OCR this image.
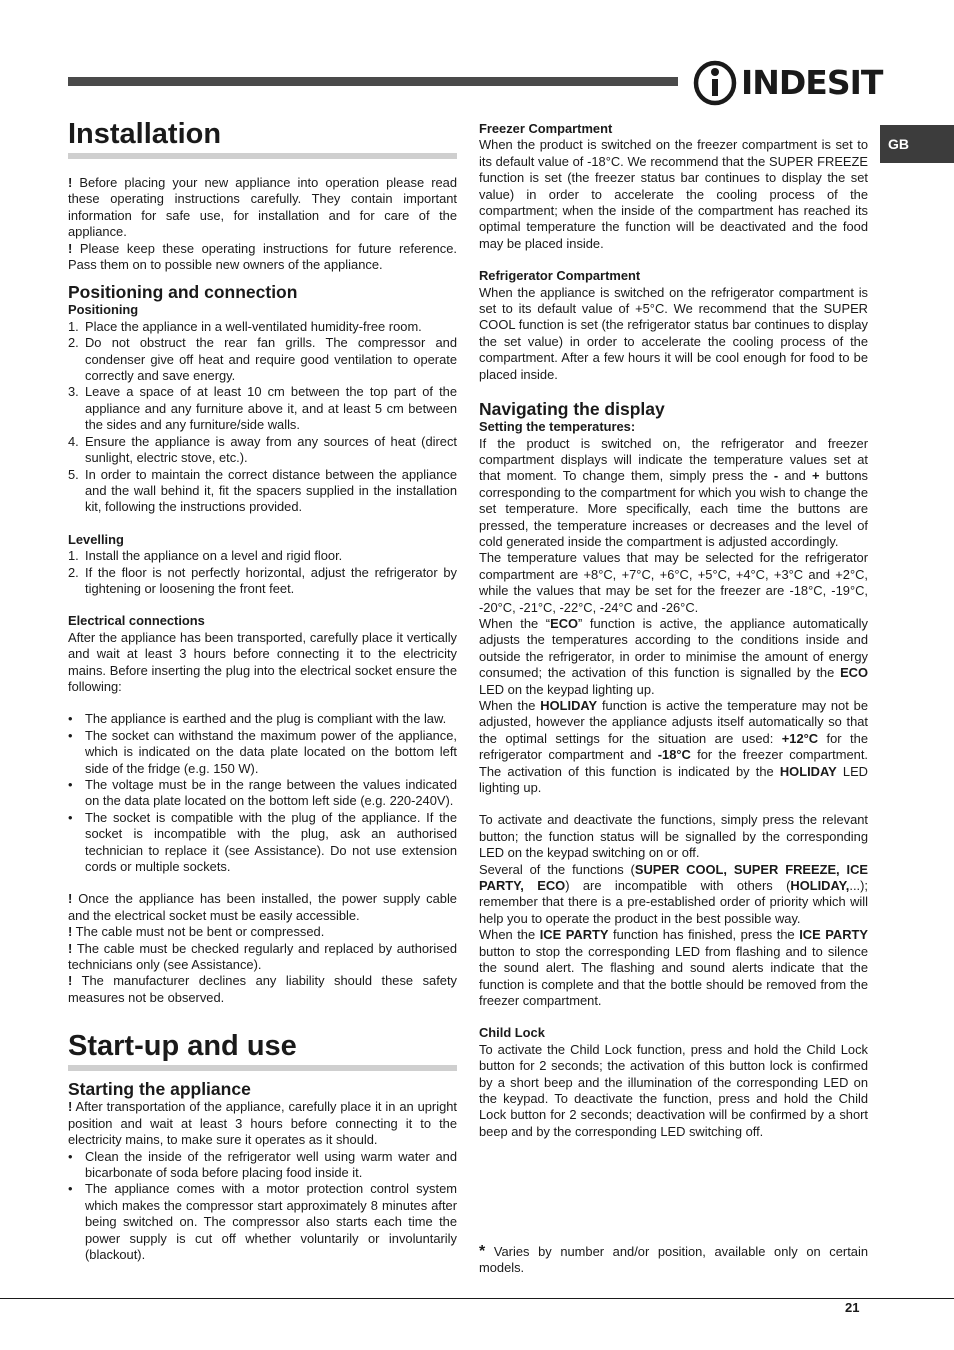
INDESIT
GB
Installation

! Before placing your new appliance into operation please read these operating instructions carefully. They contain important information for safe use, for installation and for care of the appliance.

! Please keep these operating instructions for future reference. Pass them on to possible new owners of the appliance.

Positioning and connection
Positioning
1. Place the appliance in a well-ventilated humidity-free room.
2. Do not obstruct the rear fan grills. The compressor and condenser give off heat and require good ventilation to operate correctly and save energy.
3. Leave a space of at least 10 cm between the top part of the appliance and any furniture above it, and at least 5 cm between the sides and any furniture/side walls.
4. Ensure the appliance is away from any sources of heat (direct sunlight, electric stove, etc.).
5. In order to maintain the correct distance between the appliance and the wall behind it, fit the spacers supplied in the installation kit, following the instructions provided.
Levelling
1. Install the appliance on a level and rigid floor.
2. If the floor is not perfectly horizontal, adjust the refrigerator by tightening or loosening the front feet.
Electrical connections

After the appliance has been transported, carefully place it vertically and wait at least 3 hours before connecting it to the electricity mains. Before inserting the plug into the electrical socket ensure the following:

• The appliance is earthed and the plug is compliant with the law.
• The socket can withstand the maximum power of the appliance, which is indicated on the data plate located on the bottom left side of the fridge (e.g. 150 W).
• The voltage must be in the range between the values indicated on the data plate located on the bottom left side (e.g. 220-240V).
• The socket is compatible with the plug of the appliance. If the socket is incompatible with the plug, ask an authorised technician to replace it (see Assistance). Do not use extension cords or multiple sockets.

! Once the appliance has been installed, the power supply cable and the electrical socket must be easily accessible.

! The cable must not be bent or compressed.

! The cable must be checked regularly and replaced by authorised technicians only (see Assistance).

! The manufacturer declines any liability should these safety measures not be observed.

Start-up and use
Starting the appliance

! After transportation of the appliance, carefully place it in an upright position and wait at least 3 hours before connecting it to the electricity mains, to make sure it operates as it should.

• Clean the inside of the refrigerator well using warm water and bicarbonate of soda before placing food inside it.
• The appliance comes with a motor protection control system which makes the compressor start approximately 8 minutes after being switched on. The compressor also starts each time the power supply is cut off whether voluntarily or involuntarily (blackout).
Freezer Compartment

When the product is switched on the freezer compartment is set to its default value of -18°C. We recommend that the SUPER FREEZE function is set (the freezer status bar continues to display the set value) in order to accelerate the cooling process of the compartment; when the inside of the compartment has reached its optimal temperature the function will be deactivated and the food may be placed inside.

Refrigerator Compartment

When the appliance is switched on the refrigerator compartment is set to its default value of +5°C. We recommend that the SUPER COOL function is set (the refrigerator status bar continues to display the set value) in order to accelerate the cooling process of the compartment. After a few hours it will be cool enough for food to be placed inside.

Navigating the display
Setting the temperatures:

If the product is switched on, the refrigerator and freezer compartment displays will indicate the temperature values set at that moment. To change them, simply press the - and + buttons corresponding to the compartment for which you wish to change the set temperature. More specifically, each time the buttons are pressed, the temperature increases or decreases and the level of cold generated inside the compartment is adjusted accordingly.

The temperature values that may be selected for the refrigerator compartment are +8°C, +7°C, +6°C, +5°C, +4°C, +3°C and +2°C, while the values that may be set for the freezer are -18°C, -19°C, -20°C, -21°C, -22°C, -24°C and -26°C.

When the “ECO” function is active, the appliance automatically adjusts the temperatures according to the conditions inside and outside the refrigerator, in order to minimise the amount of energy consumed; the activation of this function is signalled by the ECO LED on the keypad lighting up.

When the HOLIDAY function is active the temperature may not be adjusted, however the appliance adjusts itself automatically so that the optimal settings for the situation are used: +12°C for the refrigerator compartment and -18°C for the freezer compartment. The activation of this function is indicated by the HOLIDAY LED lighting up.

To activate and deactivate the functions, simply press the relevant button; the function status will be signalled by the corresponding LED on the keypad switching on or off.

Several of the functions (SUPER COOL, SUPER FREEZE, ICE PARTY, ECO) are incompatible with others (HOLIDAY,...); remember that there is a pre-established order of priority which will help you to operate the product in the best possible way.

When the ICE PARTY function has finished, press the ICE PARTY button to stop the corresponding LED from flashing and to silence the sound alert. The flashing and sound alerts indicate that the function is complete and that the bottle should be removed from the freezer compartment.

Child Lock

To activate the Child Lock function, press and hold the Child Lock button for 2 seconds; the activation of this button lock is confirmed by a short beep and the illumination of the corresponding LED on the keypad. To deactivate the function, press and hold the Child Lock button for 2 seconds; deactivation will be confirmed by a short beep and by the corresponding LED switching off.

* Varies by number and/or position, available only on certain models.
21
